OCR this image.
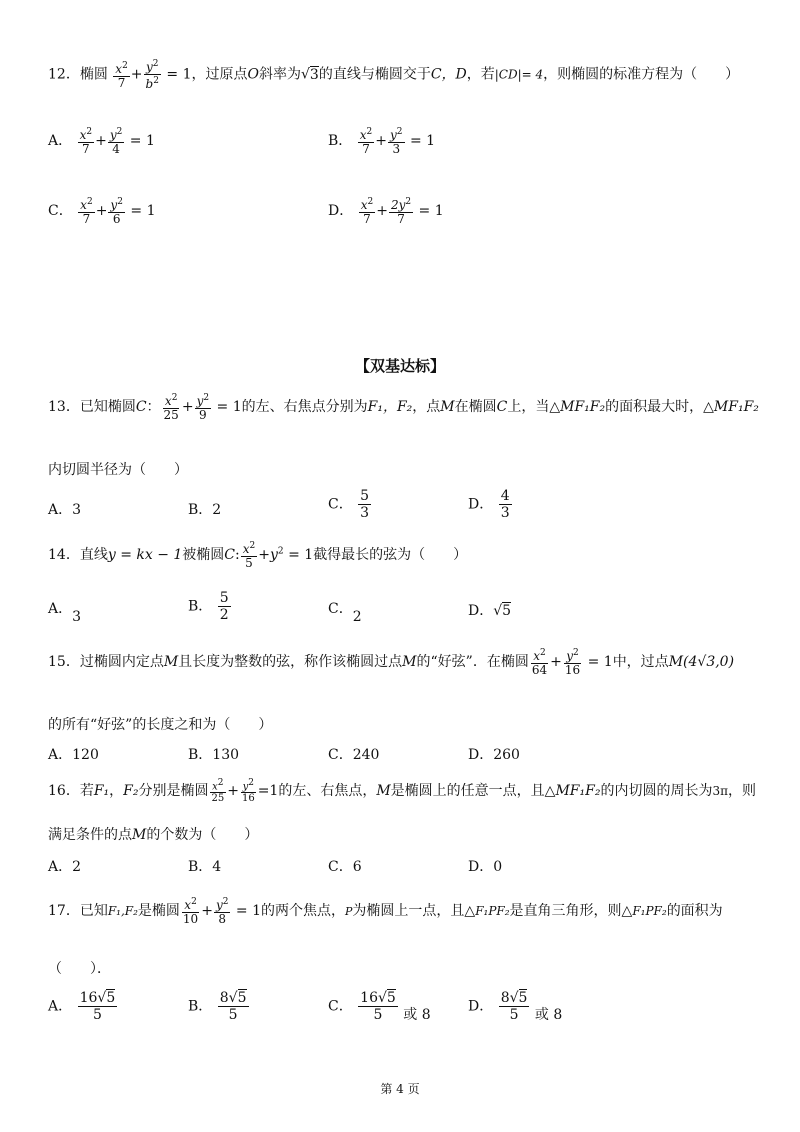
12．椭圆 $\frac{x^2}{7} + \frac{y^2}{b^2} = 1$，过原点O斜率为√3的直线与椭圆交于C，D，若|CD|= 4，则椭圆的标准方程为（　　）
A． $\frac{x^2}{7} + \frac{y^2}{4} = 1$	B． $\frac{x^2}{7} + \frac{y^2}{3} = 1$
C． $\frac{x^2}{7} + \frac{y^2}{6} = 1$	D． $\frac{x^2}{7} + \frac{2y^2}{7} = 1$
【双基达标】
13．已知椭圆C： $\frac{x^2}{25} + \frac{y^2}{9} = 1$的左、右焦点分别为F₁，F₂，点M在椭圆C上，当△MF₁F₂的面积最大时，△MF₁F₂
内切圆半径为（　　）
A．3	B．2	C． $\frac{5}{3}$	D． $\frac{4}{3}$
14．直线y = kx − 1被椭圆C: $\frac{x^2}{5} +y^2 = 1$截得最长的弦为（　　）
A．3
B． $\frac{5}{2}$	C．2	D．√5
15．过椭圆内定点M且长度为整数的弦，称作该椭圆过点M的“好弦”．在椭圆 $\frac{x^2}{64} + \frac{y^2}{16} = 1$中，过点M(4√3,0)
的所有“好弦”的长度之和为（　　）
A．120	B．130	C．240	D．260
16．若F₁，F₂分别是椭圆 $\frac{x^2}{25} + \frac{y^2}{16} =1$的左、右焦点，M是椭圆上的任意一点，且△MF₁F₂的内切圆的周长为3π，则
满足条件的点M的个数为（　　）
A．2	B．4	C．6	D．0
17．已知F₁,F₂是椭圆 $\frac{x^2}{10} + \frac{y^2}{8} = 1$的两个焦点，P为椭圆上一点，且△F₁PF₂是直角三角形，则△F₁PF₂的面积为
（　　）．
A． $\frac{16√5}{5}$	B． $\frac{8√5}{5}$	C． $\frac{16√5}{5}$ 或 8	D． $\frac{8√5}{5}$ 或 8
第 4 页
